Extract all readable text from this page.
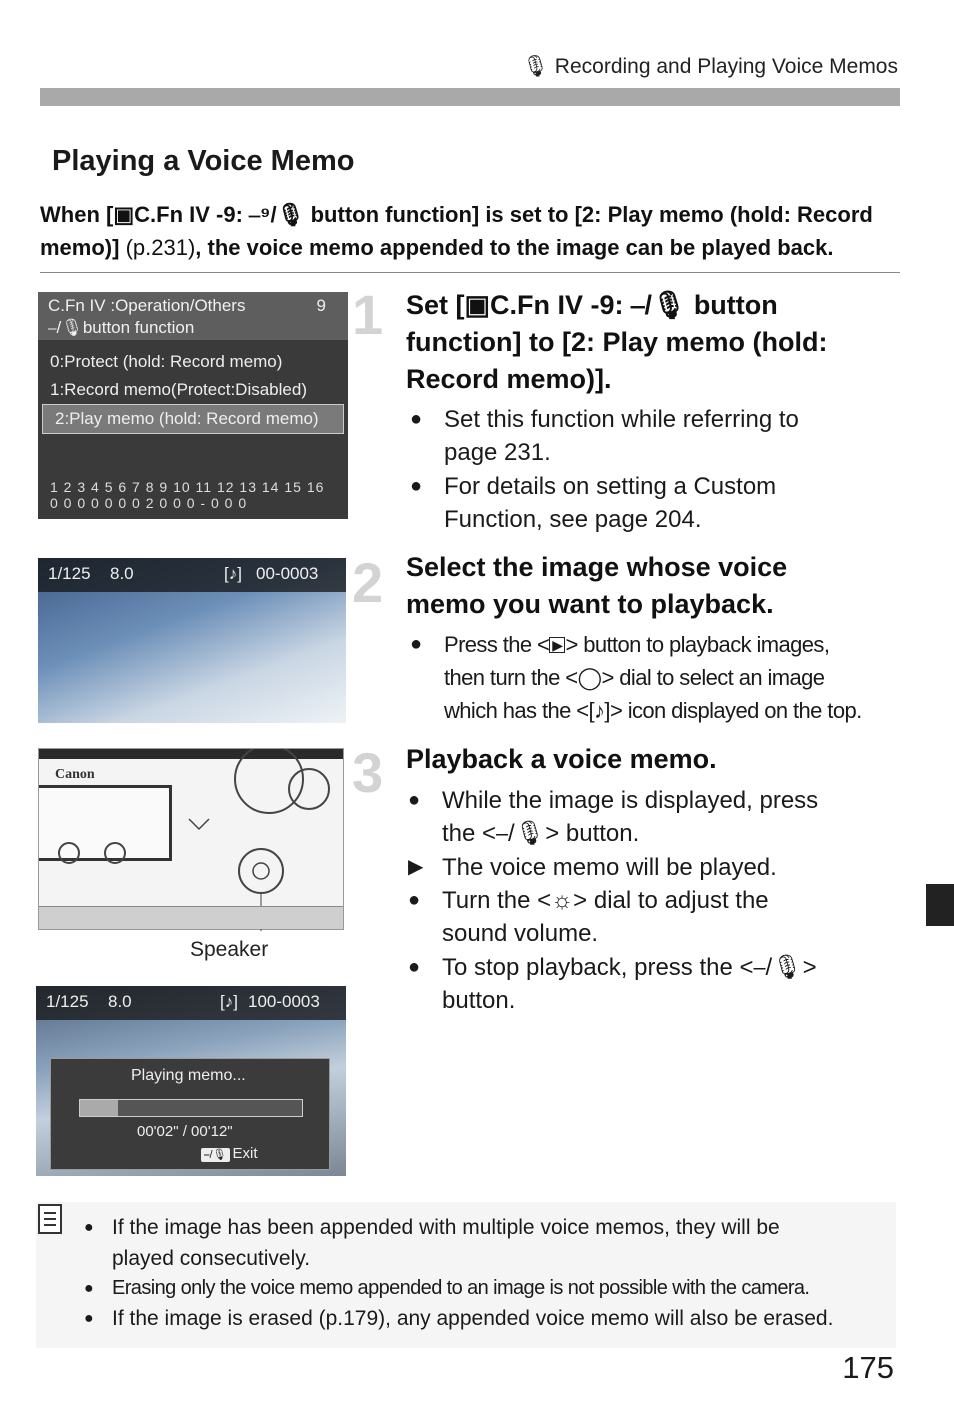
🎙︎ Recording and Playing Voice Memos
Playing a Voice Memo
When [▣C.Fn IV -9: ⎯⁹/🎙︎ button function] is set to [2: Play memo (hold: Record memo)] (p.231), the voice memo appended to the image can be played back.
C.Fn IV :Operation/Others
⎯/🎙︎button function
9
0:Protect (hold: Record memo)
1:Record memo(Protect:Disabled)
2:Play memo (hold: Record memo)
1 2 3 4 5 6 7 8 9 10 11 12 13 14 15 16
0 0 0 0 0 0 0 2 0 0 0 - 0 0 0
1/125 8.0	[♪] 00-0003
Canon
Speaker
1/125 8.0	[♪] 100-0003
Playing memo...
00'02" / 00'12"
⎯/🎙︎ Exit
1 Set [▣C.Fn IV -9: ⎯/🎙︎ button
function] to [2: Play memo (hold:
Record memo)].
● Set this function while referring to
page 231.
● For details on setting a Custom
Function, see page 204.
2 Select the image whose voice
memo you want to playback.
● Press the < ▶ > button to playback images,
then turn the <◯> dial to select an image
which has the <[♪]> icon displayed on the top.
3 Playback a voice memo.
● While the image is displayed, press
the <⎯/🎙︎> button.
▶ The voice memo will be played.
● Turn the <☼> dial to adjust the
sound volume.
● To stop playback, press the <⎯/🎙︎>
button.
● If the image has been appended with multiple voice memos, they will be
played consecutively.
● Erasing only the voice memo appended to an image is not possible with the camera.
● If the image is erased (p.179), any appended voice memo will also be erased.
175
